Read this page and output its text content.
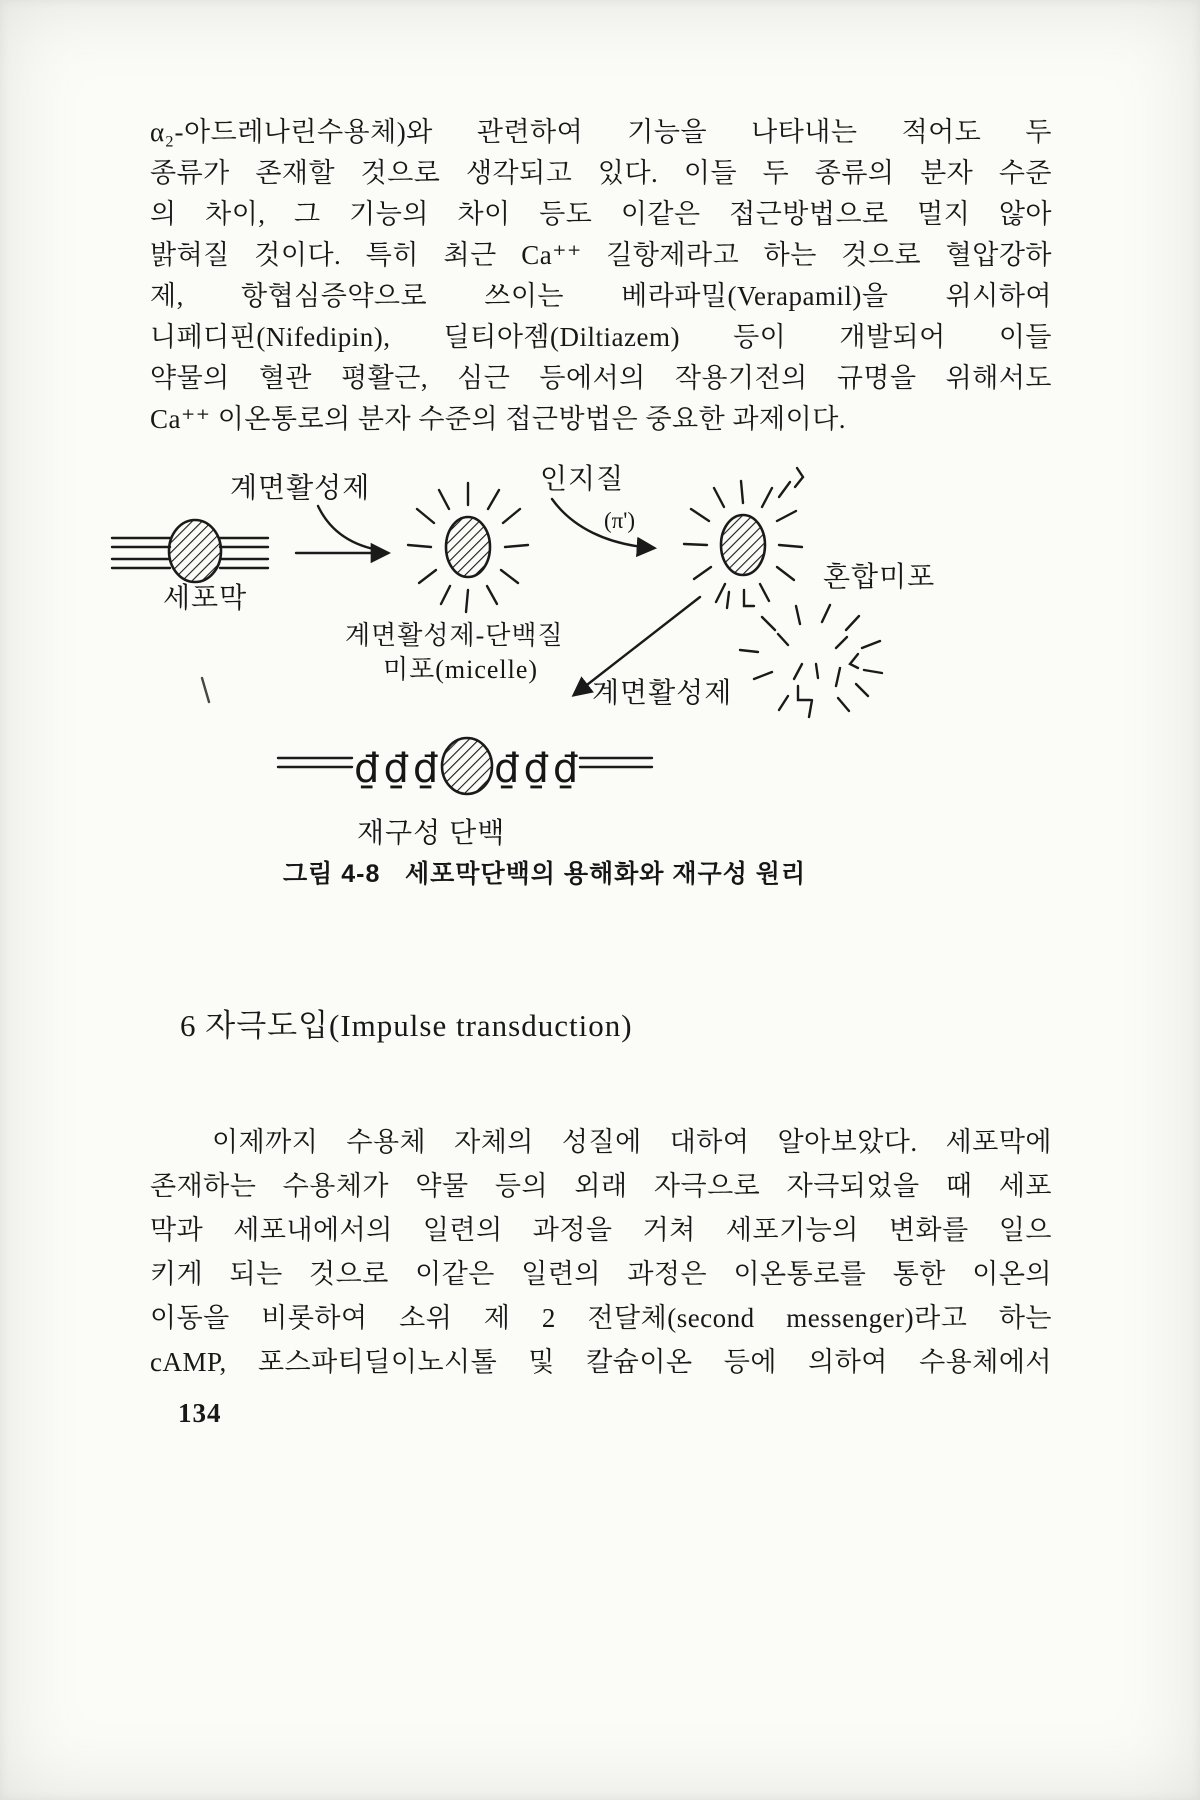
α₂-아드레나린수용체)와 관련하여 기능을 나타내는 적어도 두
종류가 존재할 것으로 생각되고 있다. 이들 두 종류의 분자 수준
의 차이, 그 기능의 차이 등도 이같은 접근방법으로 멀지 않아
밝혀질 것이다. 특히 최근 Ca⁺⁺ 길항제라고 하는 것으로 혈압강하
제, 항협심증약으로 쓰이는 베라파밀(Verapamil)을 위시하여
니페디핀(Nifedipin), 딜티아젬(Diltiazem) 등이 개발되어 이들
약물의 혈관 평활근, 심근 등에서의 작용기전의 규명을 위해서도
Ca⁺⁺ 이온통로의 분자 수준의 접근방법은 중요한 과제이다.
세포막
계면활성제
계면활성제-단백질
미포(micelle)
인지질
(π')
혼합미포
계면활성제
₫₫₫ ₫₫₫
재구성 단백
그림 4-8 세포막단백의 용해화와 재구성 원리
6 자극도입(Impulse transduction)
이제까지 수용체 자체의 성질에 대하여 알아보았다. 세포막에
존재하는 수용체가 약물 등의 외래 자극으로 자극되었을 때 세포
막과 세포내에서의 일련의 과정을 거쳐 세포기능의 변화를 일으
키게 되는 것으로 이같은 일련의 과정은 이온통로를 통한 이온의
이동을 비롯하여 소위 제 2 전달체(second messenger)라고 하는
cAMP, 포스파티딜이노시톨 및 칼슘이온 등에 의하여 수용체에서
134
